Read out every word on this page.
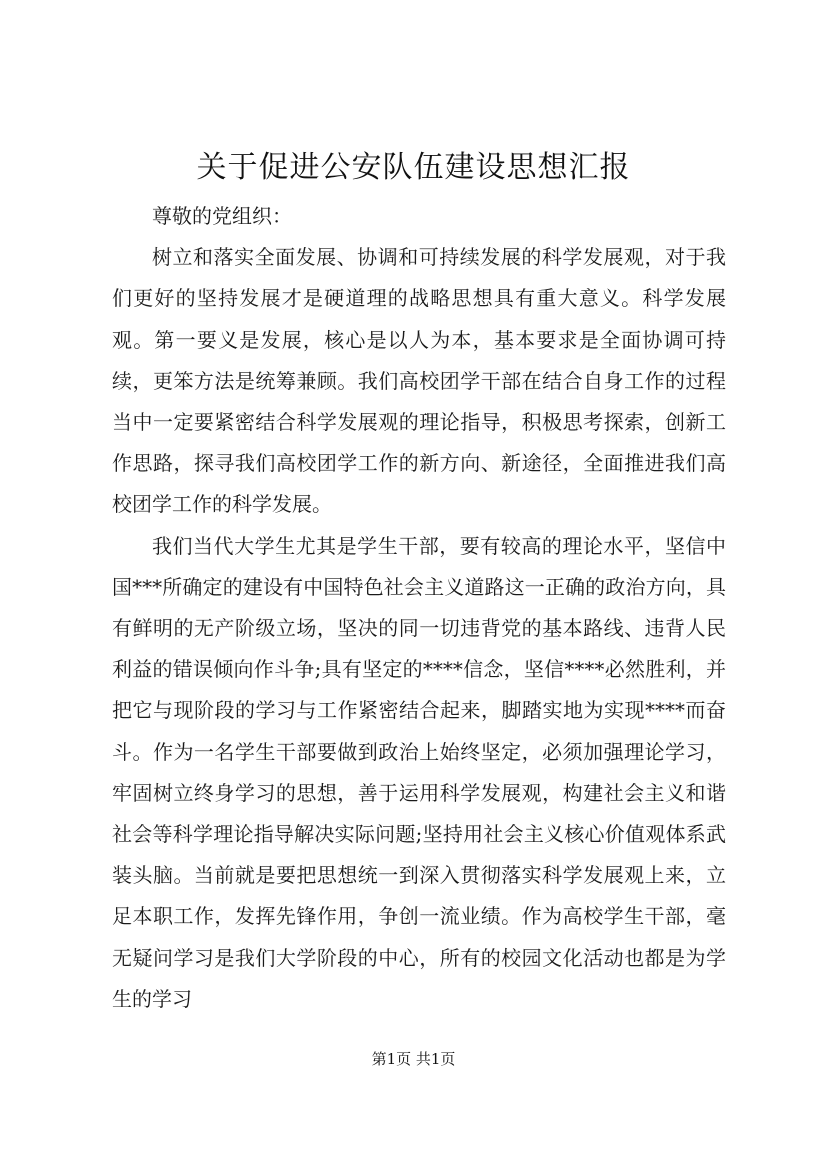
关于促进公安队伍建设思想汇报

尊敬的党组织：

树立和落实全面发展、协调和可持续发展的科学发展观，对于我们更好的坚持发展才是硬道理的战略思想具有重大意义。科学发展观。第一要义是发展，核心是以人为本，基本要求是全面协调可持续，更笨方法是统筹兼顾。我们高校团学干部在结合自身工作的过程当中一定要紧密结合科学发展观的理论指导，积极思考探索，创新工作思路，探寻我们高校团学工作的新方向、新途径，全面推进我们高校团学工作的科学发展。

我们当代大学生尤其是学生干部，要有较高的理论水平，坚信中国***所确定的建设有中国特色社会主义道路这一正确的政治方向，具有鲜明的无产阶级立场，坚决的同一切违背党的基本路线、违背人民利益的错误倾向作斗争;具有坚定的****信念，坚信****必然胜利，并把它与现阶段的学习与工作紧密结合起来，脚踏实地为实现****而奋斗。作为一名学生干部要做到政治上始终坚定，必须加强理论学习，牢固树立终身学习的思想，善于运用科学发展观，构建社会主义和谐社会等科学理论指导解决实际问题;坚持用社会主义核心价值观体系武装头脑。当前就是要把思想统一到深入贯彻落实科学发展观上来，立足本职工作，发挥先锋作用，争创一流业绩。作为高校学生干部，毫无疑问学习是我们大学阶段的中心，所有的校园文化活动也都是为学生的学习

第1页 共1页
